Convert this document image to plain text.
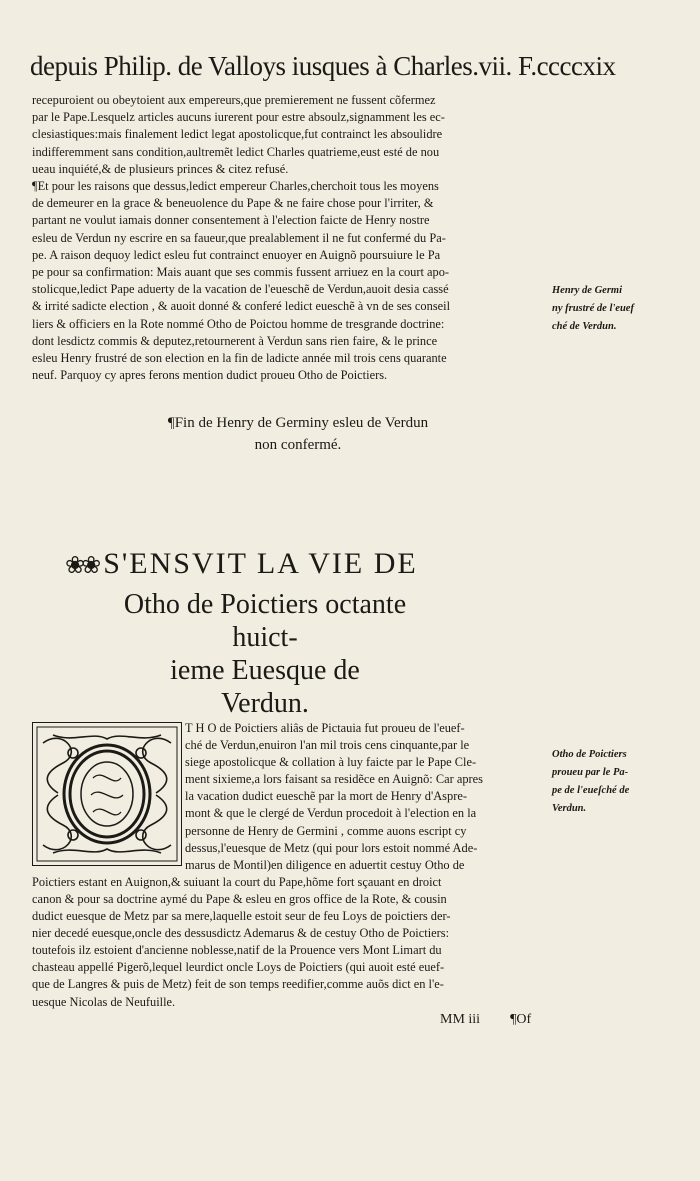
depuis Philip. de Valloys iusques à Charles.vii. F.ccccxix

recepuroient ou obeytoient aux empereurs,que premierement ne fussent cõfermez

par le Pape.Lesquelz articles aucuns iurerent pour estre absoulz,signamment les ec-

clesiastiques:mais finalement ledict legat apostolicque,fut contrainct les absoulidre

indifferemment sans condition,aultremẽt ledict Charles quatrieme,eust esté de nou

ueau inquiété,& de plusieurs princes & citez refusé.

¶Et pour les raisons que dessus,ledict empereur Charles,cherchoit tous les moyens

de demeurer en la grace & beneuolence du Pape & ne faire chose pour l'irriter, &

partant ne voulut iamais donner consentement à l'election faicte de Henry nostre

esleu de Verdun ny escrire en sa faueur,que prealablement il ne fut confermé du Pa-

pe. A raison dequoy ledict esleu fut contrainct enuoyer en Auignõ poursuiure le Pa

pe pour sa confirmation: Mais auant que ses commis fussent arriuez en la court apo-

stolicque,ledict Pape aduerty de la vacation de l'eueschẽ de Verdun,auoit desia cassé

& irrité sadicte election , & auoit donné & conferé ledict eueschẽ à vn de ses conseil

liers & officiers en la Rote nommé Otho de Poictou homme de tresgrande doctrine:

dont lesdictz commis & deputez,retournerent à Verdun sans rien faire, & le prince

esleu Henry frustré de son election en la fin de ladicte année mil trois cens quarante

neuf. Parquoy cy apres ferons mention dudict proueu Otho de Poictiers.

Henry de Germi
ny frustré de l'euef
ché de Verdun.
¶Fin de Henry de Germiny esleu de Verdun
non confermé.
❀❀ S'ENSVIT LA VIE DE
Otho de Poictiers octante huict-
ieme Euesque de
Verdun.

T H O de Poictiers aliâs de Pictauia fut proueu de l'euef-

ché de Verdun,enuiron l'an mil trois cens cinquante,par le

siege apostolicque & collation à luy faicte par le Pape Cle-

ment sixieme,a lors faisant sa residẽce en Auignõ: Car apres

la vacation dudict eueschẽ par la mort de Henry d'Aspre-

mont & que le clergé de Verdun procedoit à l'election en la

personne de Henry de Germini , comme auons escript cy

dessus,l'euesque de Metz (qui pour lors estoit nommé Ade-

marus de Montil)en diligence en aduertit cestuy Otho de

Poictiers estant en Auignon,& suiuant la court du Pape,hõme fort sçauant en droict

canon & pour sa doctrine aymé du Pape & esleu en gros office de la Rote, & cousin

dudict euesque de Metz par sa mere,laquelle estoit seur de feu Loys de poictiers der-

nier decedé euesque,oncle des dessusdictz Ademarus & de cestuy Otho de Poictiers:

toutefois ilz estoient d'ancienne noblesse,natif de la Prouence vers Mont Limart du

chasteau appellé Pigerõ,lequel leurdict oncle Loys de Poictiers (qui auoit esté euef-

que de Langres & puis de Metz) feit de son temps reedifier,comme auõs dict en l'e-

uesque Nicolas de Neufuille.

Otho de Poictiers
proueu par le Pa-
pe de l'eueſché de
Verdun.
MM iii ¶Of
